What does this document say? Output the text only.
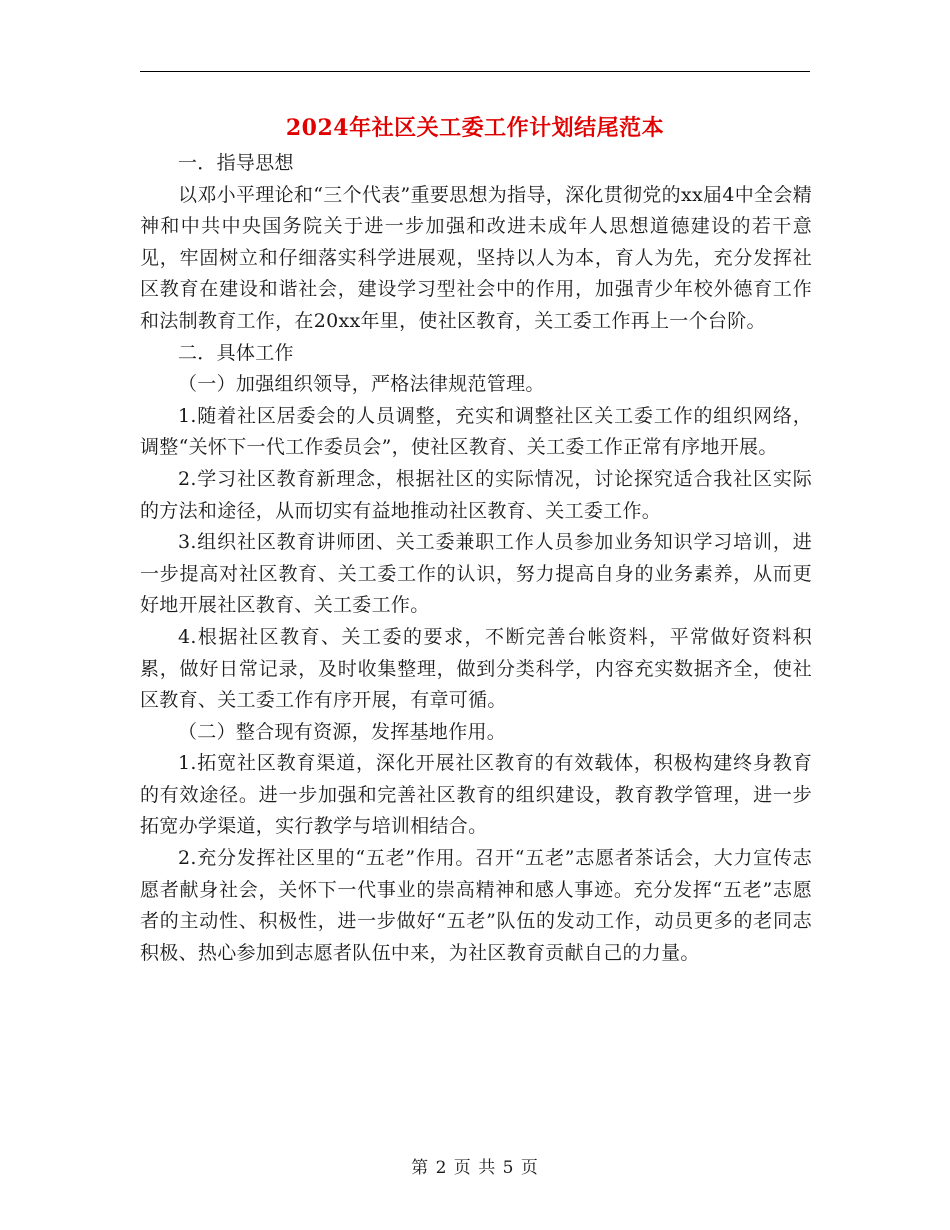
2024年社区关工委工作计划结尾范本

一．指导思想

以邓小平理论和“三个代表”重要思想为指导，深化贯彻党的xx届4中全会精神和中共中央国务院关于进一步加强和改进未成年人思想道德建设的若干意见，牢固树立和仔细落实科学进展观，坚持以人为本，育人为先，充分发挥社区教育在建设和谐社会，建设学习型社会中的作用，加强青少年校外德育工作和法制教育工作，在20xx年里，使社区教育，关工委工作再上一个台阶。

二．具体工作

（一）加强组织领导，严格法律规范管理。

1.随着社区居委会的人员调整，充实和调整社区关工委工作的组织网络，调整“关怀下一代工作委员会”，使社区教育、关工委工作正常有序地开展。

2.学习社区教育新理念，根据社区的实际情况，讨论探究适合我社区实际的方法和途径，从而切实有益地推动社区教育、关工委工作。

3.组织社区教育讲师团、关工委兼职工作人员参加业务知识学习培训，进一步提高对社区教育、关工委工作的认识，努力提高自身的业务素养，从而更好地开展社区教育、关工委工作。

4.根据社区教育、关工委的要求，不断完善台帐资料，平常做好资料积累，做好日常记录，及时收集整理，做到分类科学，内容充实数据齐全，使社区教育、关工委工作有序开展，有章可循。

（二）整合现有资源，发挥基地作用。

1.拓宽社区教育渠道，深化开展社区教育的有效载体，积极构建终身教育的有效途径。进一步加强和完善社区教育的组织建设，教育教学管理，进一步拓宽办学渠道，实行教学与培训相结合。

2.充分发挥社区里的“五老”作用。召开“五老”志愿者茶话会，大力宣传志愿者献身社会，关怀下一代事业的崇高精神和感人事迹。充分发挥“五老”志愿者的主动性、积极性，进一步做好“五老”队伍的发动工作，动员更多的老同志积极、热心参加到志愿者队伍中来，为社区教育贡献自己的力量。

第 2 页 共 5 页
